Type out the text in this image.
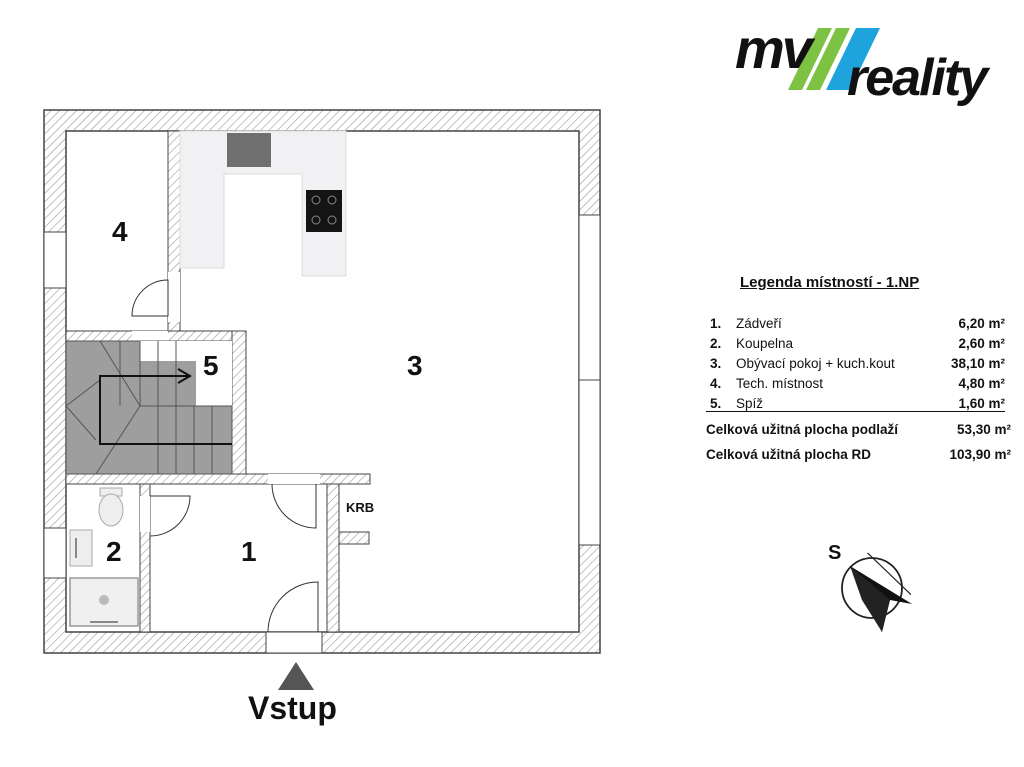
mv reality
4
5	3
2	1
KRB
Vstup
Legenda místností - 1.NP
1. Zádveří	6,20 m²
2. Koupelna	2,60 m²
3. Obývací pokoj + kuch.kout	38,10 m²
4. Tech. místnost	4,80 m²
5. Spíž	1,60 m²
Celková užitná plocha podlaží	53,30 m²
Celková užitná plocha RD	103,90 m²
S
